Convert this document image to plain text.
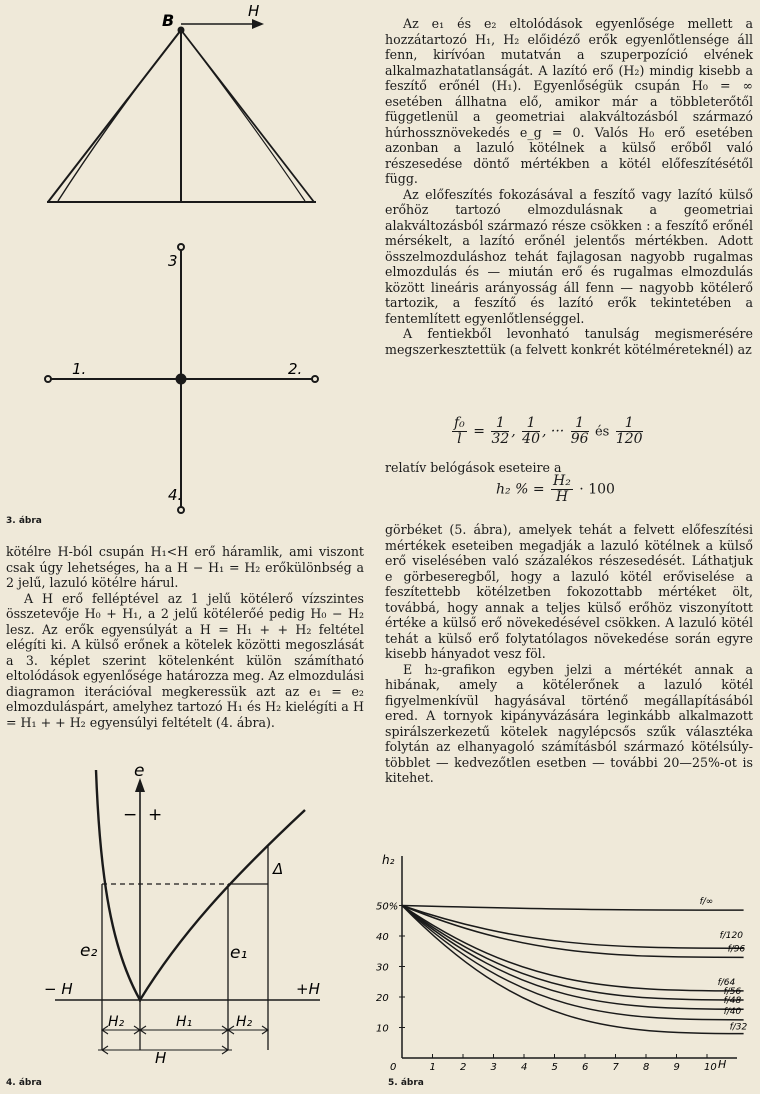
B	H
1.	2.
3
4.
3. ábra

kötélre H-ból csupán H₁<H erő háramlik, ami viszont csak úgy lehetséges, ha a H − H₁ = H₂ erőkülönbség a 2 jelű, lazuló kötélre hárul.

A H erő felléptével az 1 jelű kötélerő vízszintes összetevője H₀ + H₁, a 2 jelű kötélerőé pedig H₀ − H₂ lesz. Az erők egyensúlyát a H = H₁ + + H₂ feltétel elégíti ki. A külső erőnek a kötelek közötti megoszlását a 3. képlet szerint kötelenként külön számítható eltolódások egyenlősége határozza meg. Az elmozdulási diagramon iterációval megkeressük azt az e₁ = e₂ elmozduláspárt, amelyhez tartozó H₁ és H₂ kielégíti a H = H₁ + + H₂ egyensúlyi feltételt (4. ábra).

e
− +
− H	+H
e₂	e₁
Δ
H₂	H₁	H₂
H
4. ábra

Az e₁ és e₂ eltolódások egyenlősége mellett a hozzátartozó H₁, H₂ előidéző erők egyenlőtlensége áll fenn, kirívóan mutatván a szuperpozíció elvének alkalmazhatatlanságát. A lazító erő (H₂) mindig kisebb a feszítő erőnél (H₁). Egyenlőségük csupán H₀ = ∞ esetében állhatna elő, amikor már a többleterőtől függetlenül a geometriai alakváltozásból származó húrhossznövekedés e_g = 0. Valós H₀ erő esetében azonban a lazuló kötélnek a külső erőből való részesedése döntő mértékben a kötél előfeszítésétől függ.

Az előfeszítés fokozásával a feszítő vagy lazító külső erőhöz tartozó elmozdulásnak a geometriai alakváltozásból származó része csökken : a feszítő erőnél mérsékelt, a lazító erőnél jelentős mértékben. Adott összelmozduláshoz tehát fajlagosan nagyobb rugalmas elmozdulás és — miután erő és rugalmas elmozdulás között lineáris arányosság áll fenn — nagyobb kötélerő tartozik, a feszítő és lazító erők tekintetében a fentemlített egyenlőtlenséggel.

A fentiekből levonható tanulság megismerésére megszerkesztettük (a felvett konkrét kötélméreteknél) az

$\frac{\text{f₀}}{l} = \frac{1}{32}$ , $\frac{1}{40}$ , ··· $\frac{1}{96}$ és $\frac{1}{120}$
relatív belógások eseteire a
h₂ % = $\frac{\text{H₂}}{H} \cdot 100$

görbéket (5. ábra), amelyek tehát a felvett előfeszítési mértékek eseteiben megadják a lazuló kötélnek a külső erő viselésében való százalékos részesedését. Láthatjuk e görbeseregből, hogy a lazuló kötél erőviselése a feszítettebb kötélzetben fokozottabb mértéket ölt, továbbá, hogy annak a teljes külső erőhöz viszonyított értéke a külső erő növekedésével csökken. A lazuló kötél tehát a külső erő folytatólagos növekedése során egyre kisebb hányadot vesz föl.

E h₂-grafikon egyben jelzi a mértékét annak a hibának, amely a kötélerőnek a lazuló kötél figyelmenkívül hagyásával történő megállapításából ered. A tornyok kipányvázására leginkább alkalmazott spirálszerkezetű kötelek nagylépcsős szűk választéka folytán az elhanyagoló számításból származó kötélsúly-többlet — kedvezőtlen esetben — további 20—25%-ot is kitehet.

50%
40
30
20
10
0	1 2 3 4 5 6 7 8 9 10
f/∞
f/120
f/96
f/64
f/56
f/48
f/40
f/32
h₂
H
5. ábra
